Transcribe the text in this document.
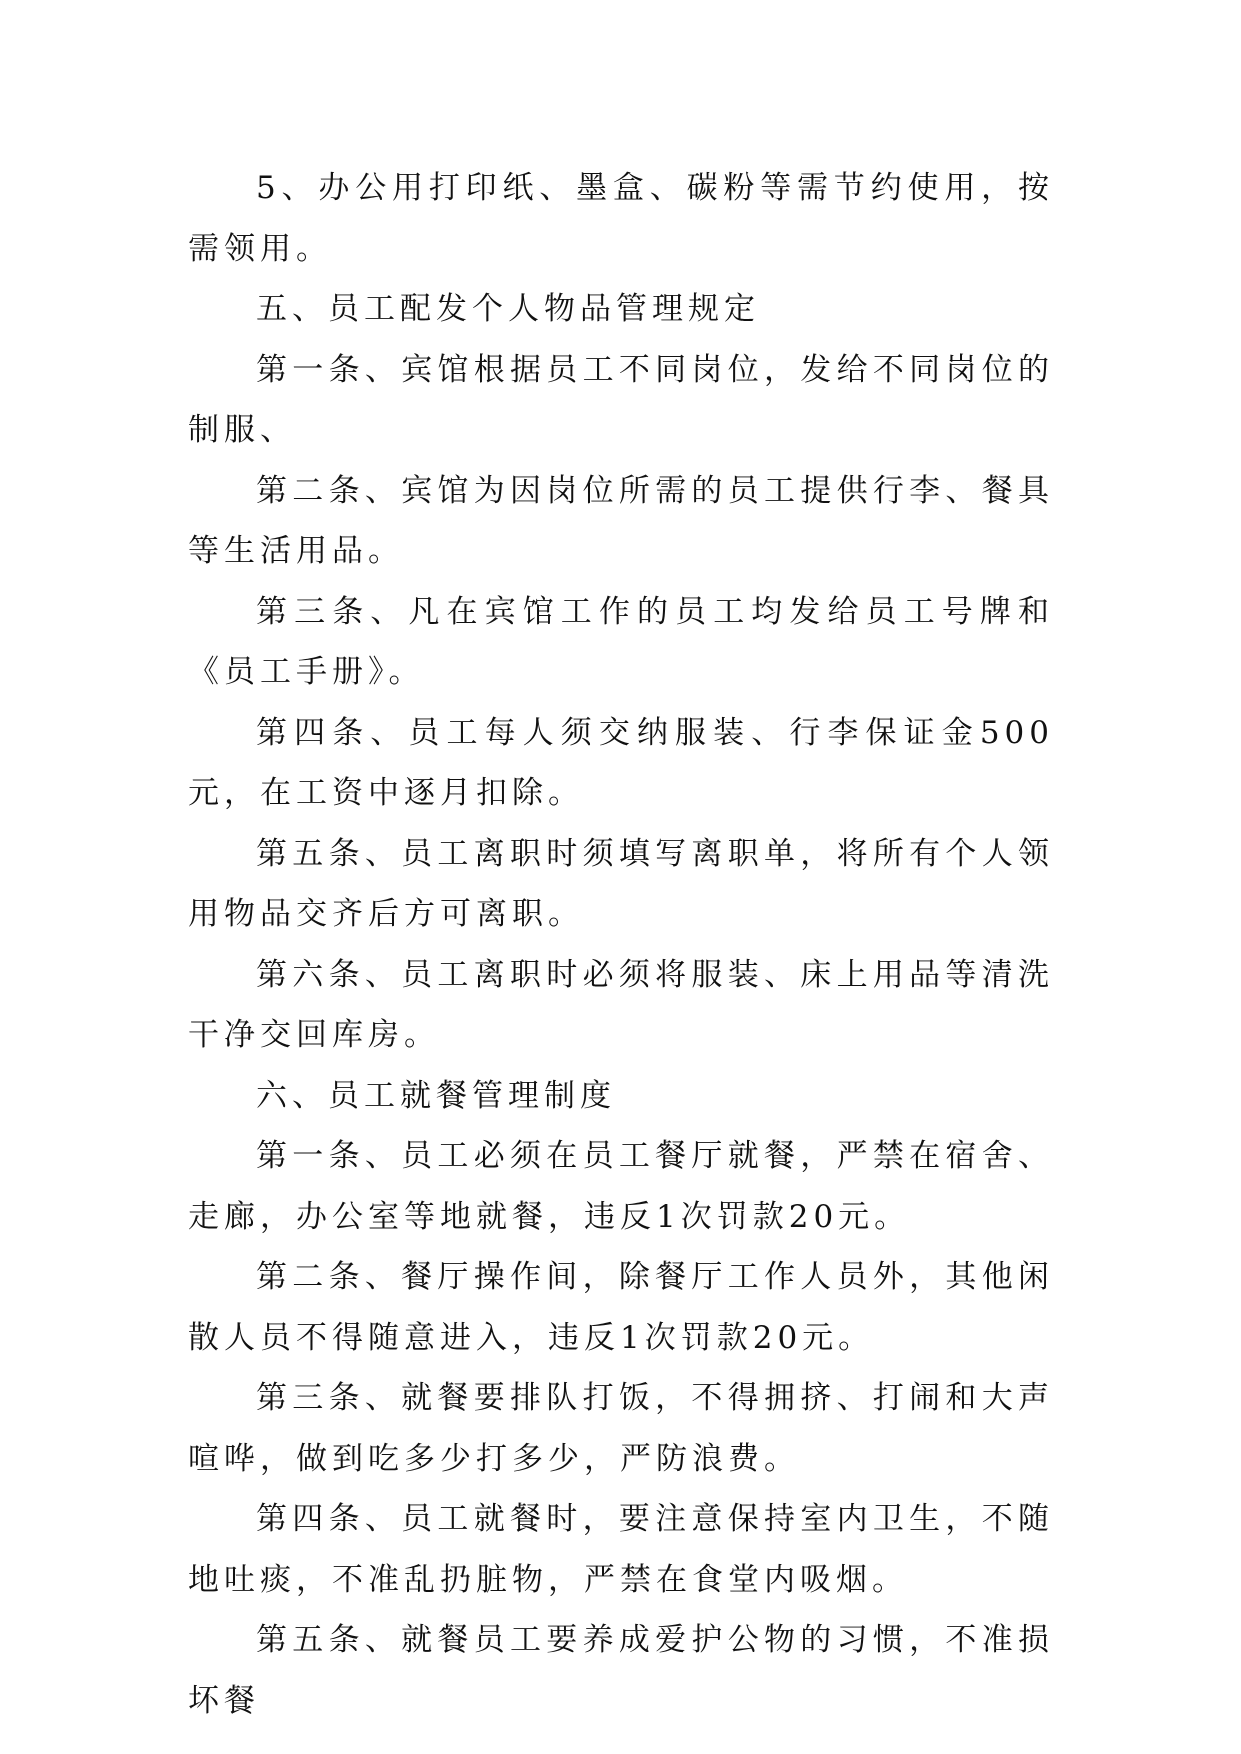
5、办公用打印纸、墨盒、碳粉等需节约使用，按需领用。

五、员工配发个人物品管理规定

第一条、宾馆根据员工不同岗位，发给不同岗位的制服、

第二条、宾馆为因岗位所需的员工提供行李、餐具等生活用品。

第三条、凡在宾馆工作的员工均发给员工号牌和《员工手册》。

第四条、员工每人须交纳服装、行李保证金500元，在工资中逐月扣除。

第五条、员工离职时须填写离职单，将所有个人领用物品交齐后方可离职。

第六条、员工离职时必须将服装、床上用品等清洗干净交回库房。

六、员工就餐管理制度

第一条、员工必须在员工餐厅就餐，严禁在宿舍、走廊，办公室等地就餐，违反1次罚款20元。

第二条、餐厅操作间，除餐厅工作人员外，其他闲散人员不得随意进入，违反1次罚款20元。

第三条、就餐要排队打饭，不得拥挤、打闹和大声喧哗，做到吃多少打多少，严防浪费。

第四条、员工就餐时，要注意保持室内卫生，不随地吐痰，不准乱扔脏物，严禁在食堂内吸烟。

第五条、就餐员工要养成爱护公物的习惯，不准损坏餐
